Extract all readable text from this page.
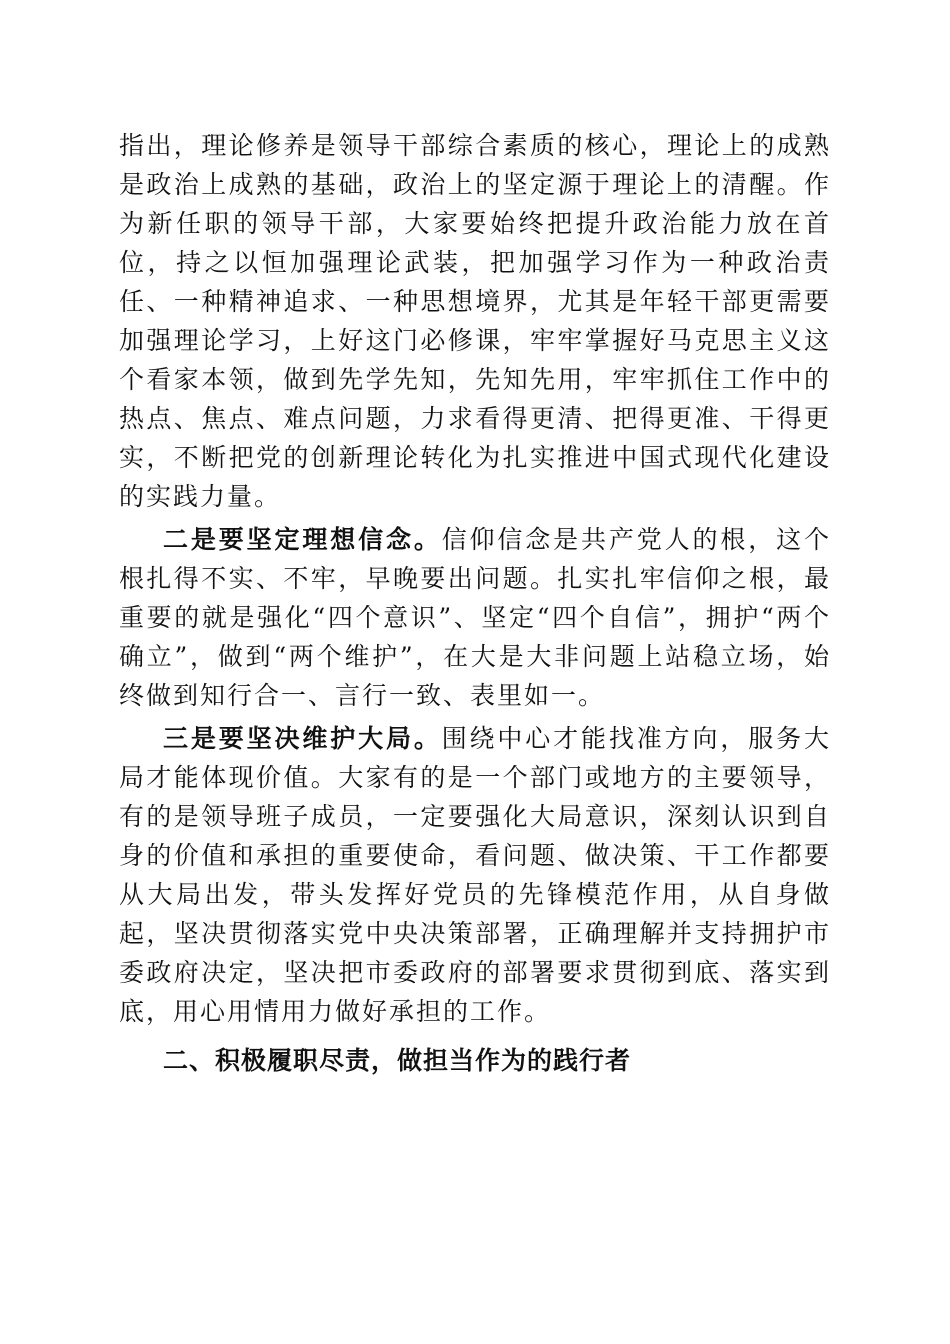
指出，理论修养是领导干部综合素质的核心，理论上的成熟是政治上成熟的基础，政治上的坚定源于理论上的清醒。作为新任职的领导干部，大家要始终把提升政治能力放在首位，持之以恒加强理论武装，把加强学习作为一种政治责任、一种精神追求、一种思想境界，尤其是年轻干部更需要加强理论学习，上好这门必修课，牢牢掌握好马克思主义这个看家本领，做到先学先知，先知先用，牢牢抓住工作中的热点、焦点、难点问题，力求看得更清、把得更准、干得更实，不断把党的创新理论转化为扎实推进中国式现代化建设的实践力量。

二是要坚定理想信念。信仰信念是共产党人的根，这个根扎得不实、不牢，早晚要出问题。扎实扎牢信仰之根，最重要的就是强化“四个意识”、坚定“四个自信”，拥护“两个确立”，做到“两个维护”，在大是大非问题上站稳立场，始终做到知行合一、言行一致、表里如一。

三是要坚决维护大局。围绕中心才能找准方向，服务大局才能体现价值。大家有的是一个部门或地方的主要领导，有的是领导班子成员，一定要强化大局意识，深刻认识到自身的价值和承担的重要使命，看问题、做决策、干工作都要从大局出发，带头发挥好党员的先锋模范作用，从自身做起，坚决贯彻落实党中央决策部署，正确理解并支持拥护市委政府决定，坚决把市委政府的部署要求贯彻到底、落实到底，用心用情用力做好承担的工作。

二、积极履职尽责，做担当作为的践行者
